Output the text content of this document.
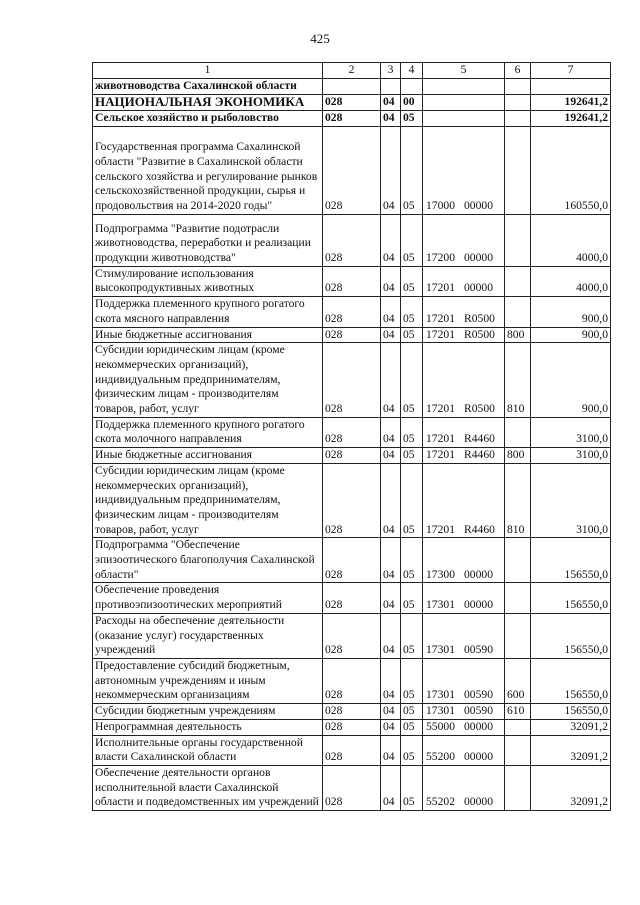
425
1	2	3	4	5	6	7
животноводства Сахалинской области						
НАЦИОНАЛЬНАЯ ЭКОНОМИКА	028	04	00			192641,2
Сельское хозяйство и рыболовство	028	04	05			192641,2
Государственная программа Сахалинской области "Развитие в Сахалинской области сельского хозяйства и регулирование рынков сельскохозяйственной продукции, сырья и продовольствия на 2014-2020 годы"	028	04	05	17000 00000		160550,0
Подпрограмма "Развитие подотрасли животноводства, переработки и реализации продукции животноводства"	028	04	05	17200 00000		4000,0
Стимулирование использования высокопродуктивных животных	028	04	05	17201 00000		4000,0
Поддержка племенного крупного рогатого скота мясного направления	028	04	05	17201 R0500		900,0
Иные бюджетные ассигнования	028	04	05	17201 R0500	800	900,0
Субсидии юридическим лицам (кроме некоммерческих организаций), индивидуальным предпринимателям, физическим лицам - производителям товаров, работ, услуг	028	04	05	17201 R0500	810	900,0
Поддержка племенного крупного рогатого скота молочного направления	028	04	05	17201 R4460		3100,0
Иные бюджетные ассигнования	028	04	05	17201 R4460	800	3100,0
Субсидии юридическим лицам (кроме некоммерческих организаций), индивидуальным предпринимателям, физическим лицам - производителям товаров, работ, услуг	028	04	05	17201 R4460	810	3100,0
Подпрограмма "Обеспечение эпизоотического благополучия Сахалинской области"	028	04	05	17300 00000		156550,0
Обеспечение проведения противоэпизоотических мероприятий	028	04	05	17301 00000		156550,0
Расходы на обеспечение деятельности (оказание услуг) государственных учреждений	028	04	05	17301 00590		156550,0
Предоставление субсидий бюджетным, автономным учреждениям и иным некоммерческим организациям	028	04	05	17301 00590	600	156550,0
Субсидии бюджетным учреждениям	028	04	05	17301 00590	610	156550,0
Непрограммная деятельность	028	04	05	55000 00000		32091,2
Исполнительные органы государственной власти Сахалинской области	028	04	05	55200 00000		32091,2
Обеспечение деятельности органов исполнительной власти Сахалинской области и подведомственных им учреждений	028	04	05	55202 00000		32091,2
